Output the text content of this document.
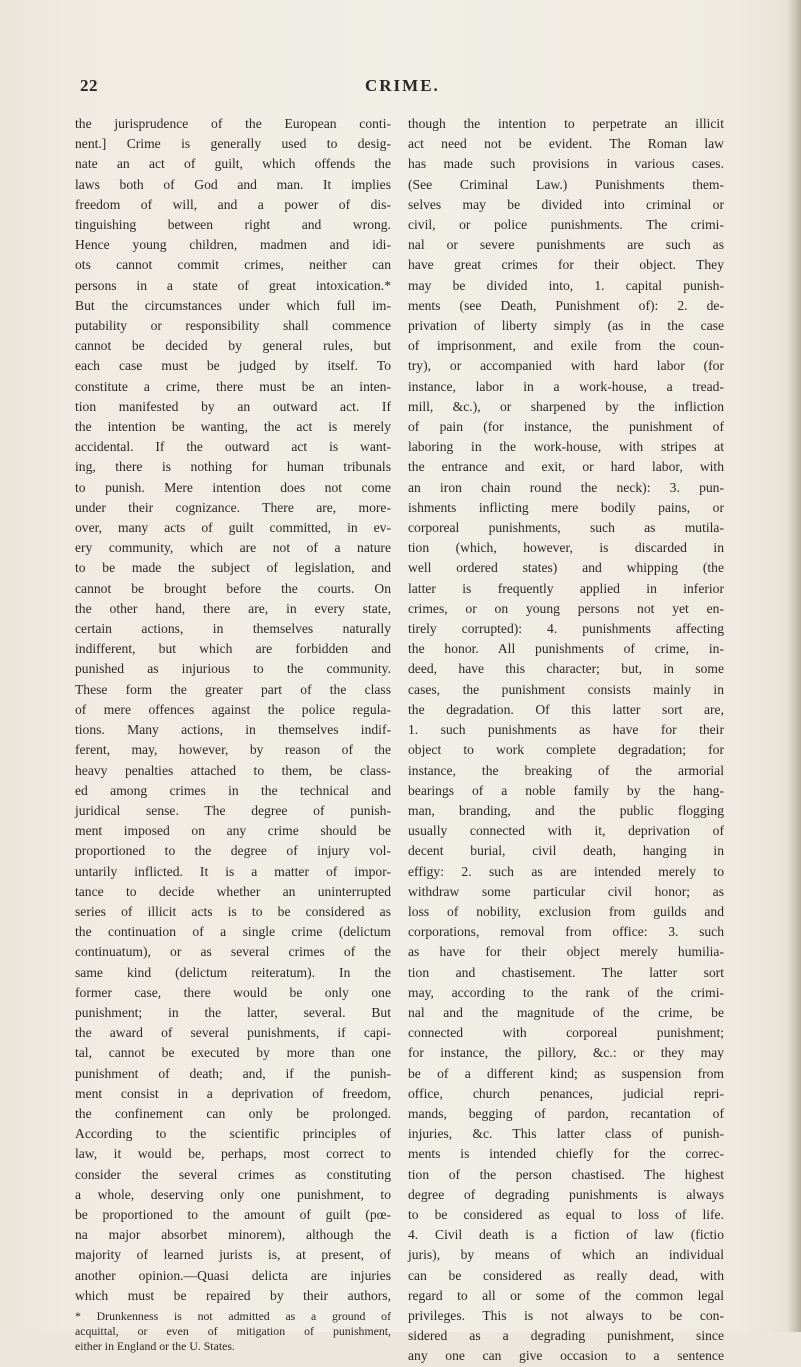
22	CRIME.
the jurisprudence of the European conti-
nent.] Crime is generally used to desig-
nate an act of guilt, which offends the
laws both of God and man. It implies
freedom of will, and a power of dis-
tinguishing between right and wrong.
Hence young children, madmen and idi-
ots cannot commit crimes, neither can
persons in a state of great intoxication.*
But the circumstances under which full im-
putability or responsibility shall commence
cannot be decided by general rules, but
each case must be judged by itself. To
constitute a crime, there must be an inten-
tion manifested by an outward act. If
the intention be wanting, the act is merely
accidental. If the outward act is want-
ing, there is nothing for human tribunals
to punish. Mere intention does not come
under their cognizance. There are, more-
over, many acts of guilt committed, in ev-
ery community, which are not of a nature
to be made the subject of legislation, and
cannot be brought before the courts. On
the other hand, there are, in every state,
certain actions, in themselves naturally
indifferent, but which are forbidden and
punished as injurious to the community.
These form the greater part of the class
of mere offences against the police regula-
tions. Many actions, in themselves indif-
ferent, may, however, by reason of the
heavy penalties attached to them, be class-
ed among crimes in the technical and
juridical sense. The degree of punish-
ment imposed on any crime should be
proportioned to the degree of injury vol-
untarily inflicted. It is a matter of impor-
tance to decide whether an uninterrupted
series of illicit acts is to be considered as
the continuation of a single crime (delictum
continuatum), or as several crimes of the
same kind (delictum reiteratum). In the
former case, there would be only one
punishment; in the latter, several. But
the award of several punishments, if capi-
tal, cannot be executed by more than one
punishment of death; and, if the punish-
ment consist in a deprivation of freedom,
the confinement can only be prolonged.
According to the scientific principles of
law, it would be, perhaps, most correct to
consider the several crimes as constituting
a whole, deserving only one punishment, to
be proportioned to the amount of guilt (pœ-
na major absorbet minorem), although the
majority of learned jurists is, at present, of
another opinion.—Quasi delicta are injuries
which must be repaired by their authors,
* Drunkenness is not admitted as a ground of
acquittal, or even of mitigation of punishment,
either in England or the U. States.
though the intention to perpetrate an illicit
act need not be evident. The Roman law
has made such provisions in various cases.
(See Criminal Law.) Punishments them-
selves may be divided into criminal or
civil, or police punishments. The crimi-
nal or severe punishments are such as
have great crimes for their object. They
may be divided into, 1. capital punish-
ments (see Death, Punishment of): 2. de-
privation of liberty simply (as in the case
of imprisonment, and exile from the coun-
try), or accompanied with hard labor (for
instance, labor in a work-house, a tread-
mill, &c.), or sharpened by the infliction
of pain (for instance, the punishment of
laboring in the work-house, with stripes at
the entrance and exit, or hard labor, with
an iron chain round the neck): 3. pun-
ishments inflicting mere bodily pains, or
corporeal punishments, such as mutila-
tion (which, however, is discarded in
well ordered states) and whipping (the
latter is frequently applied in inferior
crimes, or on young persons not yet en-
tirely corrupted): 4. punishments affecting
the honor. All punishments of crime, in-
deed, have this character; but, in some
cases, the punishment consists mainly in
the degradation. Of this latter sort are,
1. such punishments as have for their
object to work complete degradation; for
instance, the breaking of the armorial
bearings of a noble family by the hang-
man, branding, and the public flogging
usually connected with it, deprivation of
decent burial, civil death, hanging in
effigy: 2. such as are intended merely to
withdraw some particular civil honor; as
loss of nobility, exclusion from guilds and
corporations, removal from office: 3. such
as have for their object merely humilia-
tion and chastisement. The latter sort
may, according to the rank of the crimi-
nal and the magnitude of the crime, be
connected with corporeal punishment;
for instance, the pillory, &c.: or they may
be of a different kind; as suspension from
office, church penances, judicial repri-
mands, begging of pardon, recantation of
injuries, &c. This latter class of punish-
ments is intended chiefly for the correc-
tion of the person chastised. The highest
degree of degrading punishments is always
to be considered as equal to loss of life.
4. Civil death is a fiction of law (fictio
juris), by means of which an individual
can be considered as really dead, with
regard to all or some of the common legal
privileges. This is not always to be con-
sidered as a degrading punishment, since
any one can give occasion to a sentence
